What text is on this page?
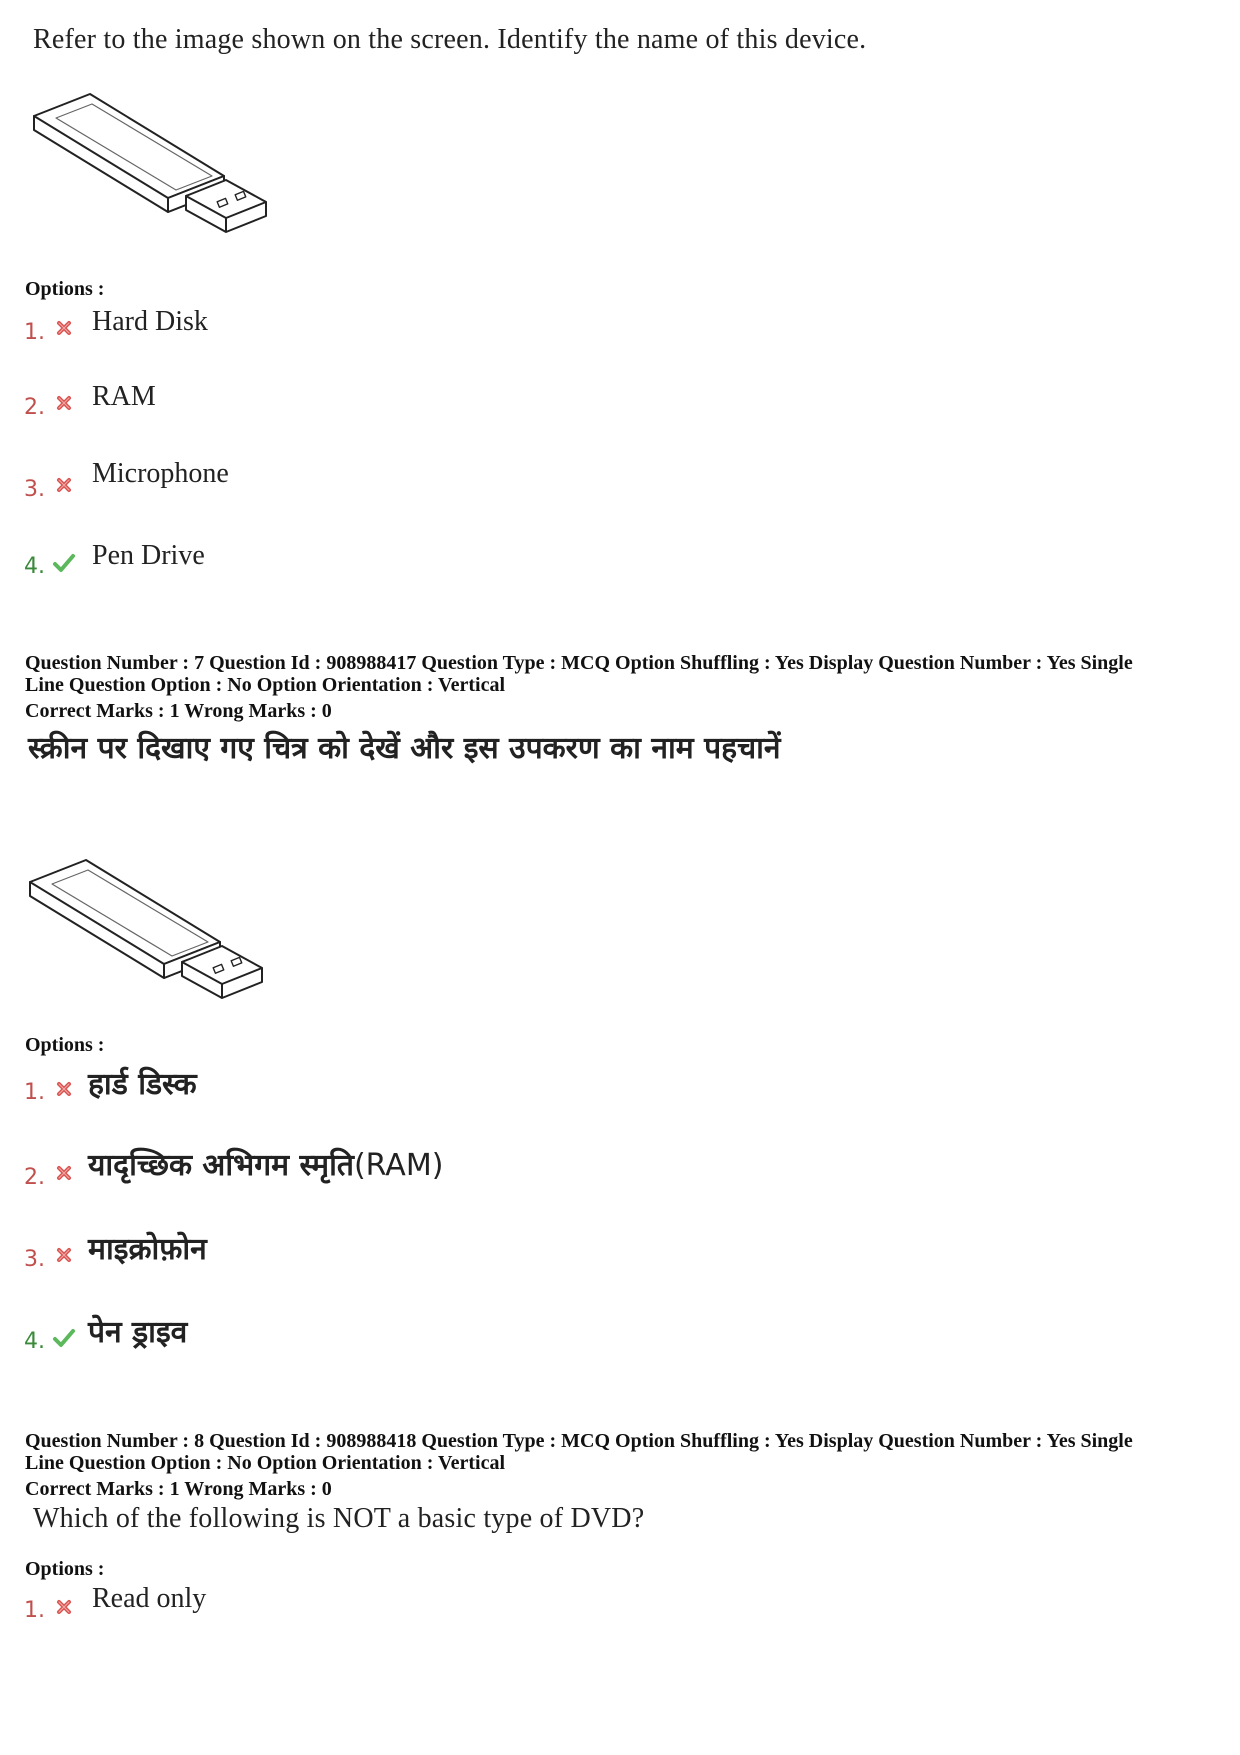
Refer to the image shown on the screen. Identify the name of this device.
Options :
1. Hard Disk
2. RAM
3.
Microphone
4. Pen Drive
Question Number : 7 Question Id : 908988417 Question Type : MCQ Option Shuffling : Yes Display Question Number : Yes Single
Line Question Option : No Option Orientation : Vertical
Correct Marks : 1 Wrong Marks : 0
स्क्रीन पर दिखाए गए चित्र को देखें और इस उपकरण का नाम पहचानें
Options :
1. हार्ड डिस्क
2. यादृच्छिक अभिगम स्मृति(RAM)
3. माइक्रोफ़ोन
4. पेन ड्राइव
Question Number : 8 Question Id : 908988418 Question Type : MCQ Option Shuffling : Yes Display Question Number : Yes Single
Line Question Option : No Option Orientation : Vertical
Correct Marks : 1 Wrong Marks : 0
Which of the following is NOT a basic type of DVD?
Options :
1. Read only
